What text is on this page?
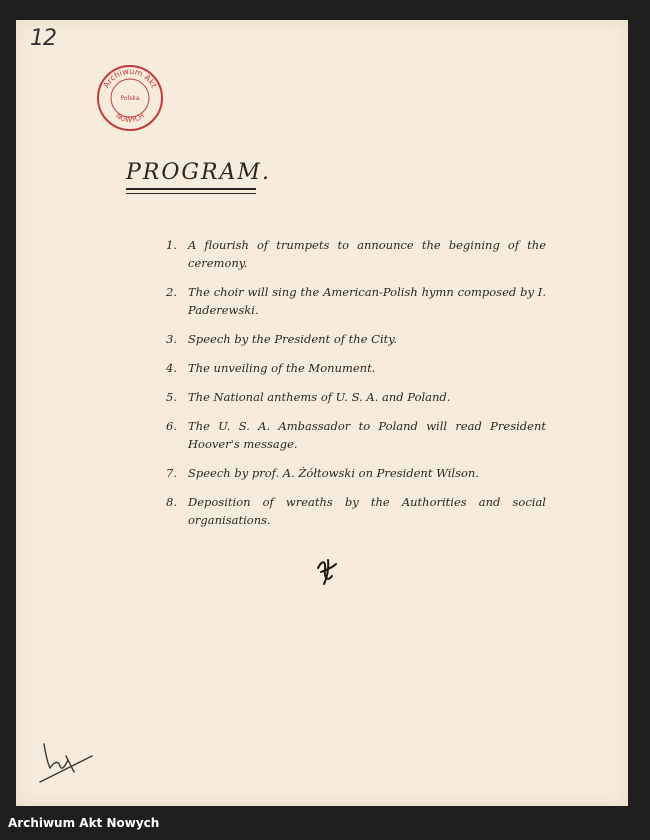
12
Archiwum Akt
NOWYCH
Polska
PROGRAM.
1. A flourish of trumpets to announce the begining of the ceremony.
2. The choir will sing the American-Polish hymn composed by I. Paderewski.
3. Speech by the President of the City.
4. The unveiling of the Monument.
5. The National anthems of U. S. A. and Poland.
6. The U. S. A. Ambassador to Poland will read President Hoover's message.
7. Speech by prof. A. Żółtowski on President Wilson.
8. Deposition of wreaths by the Authorities and social organisations.
Archiwum Akt Nowych
